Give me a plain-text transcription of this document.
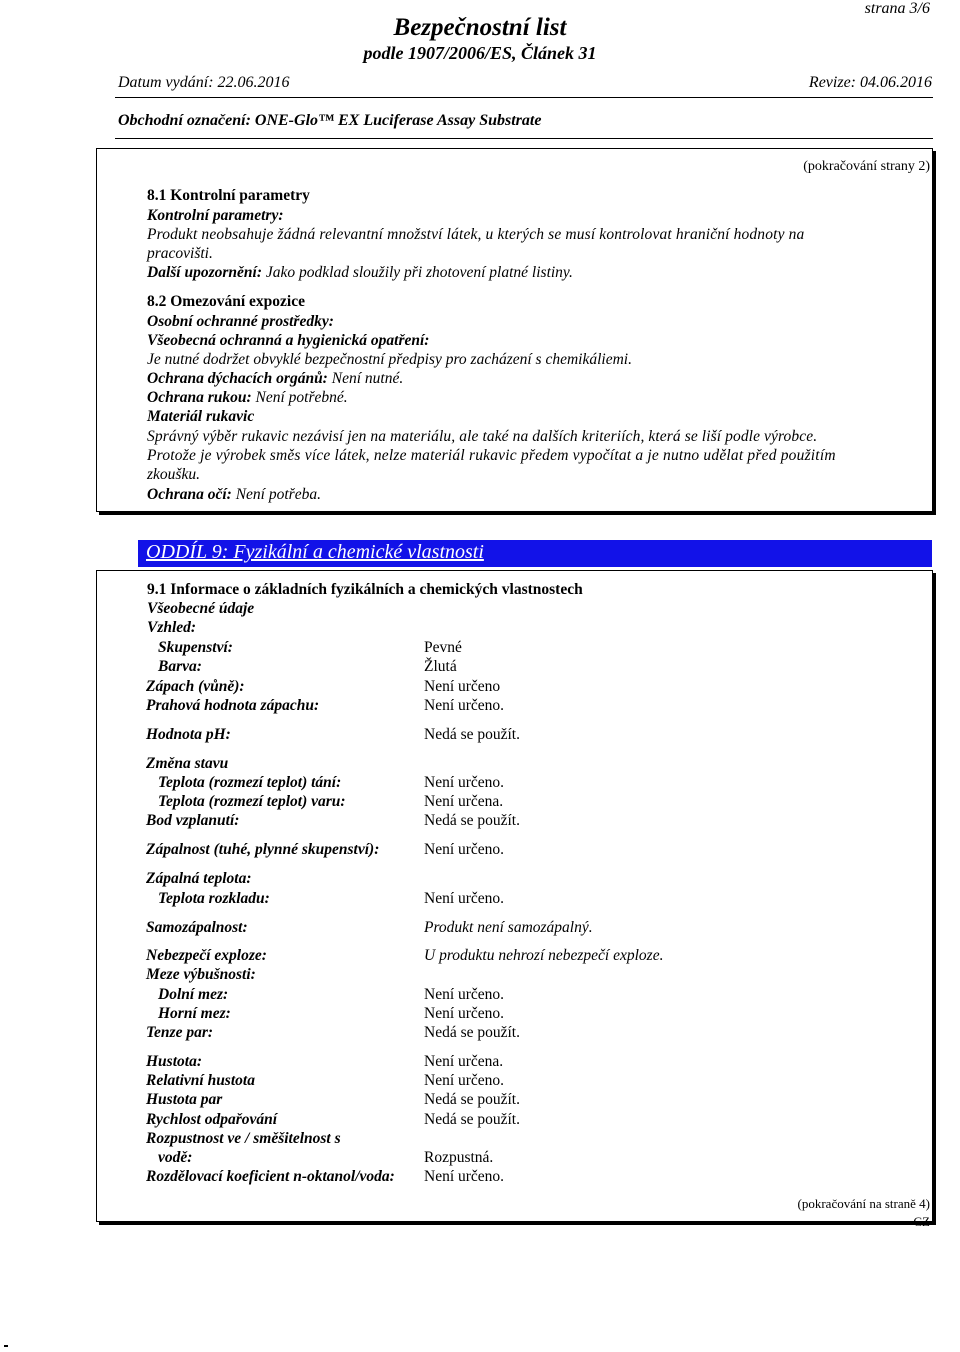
strana 3/6
Bezpečnostní list
podle 1907/2006/ES, Článek 31
Datum vydání: 22.06.2016	Revize: 04.06.2016
Obchodní označení: ONE-Glo™ EX Luciferase Assay Substrate
(pokračování strany 2)
8.1 Kontrolní parametry
Kontrolní parametry:
Produkt neobsahuje žádná relevantní množství látek, u kterých se musí kontrolovat hraniční hodnoty na
pracovišti.
Další upozornění: Jako podklad sloužily při zhotovení platné listiny.
8.2 Omezování expozice
Osobní ochranné prostředky:
Všeobecná ochranná a hygienická opatření:
Je nutné dodržet obvyklé bezpečnostní předpisy pro zacházení s chemikáliemi.
Ochrana dýchacích orgánů: Není nutné.
Ochrana rukou: Není potřebné.
Materiál rukavic
Správný výběr rukavic nezávisí jen na materiálu, ale také na dalších kriteriích, která se liší podle výrobce.
Protože je výrobek směs více látek, nelze materiál rukavic předem vypočítat a je nutno udělat před použitím
zkoušku.
Ochrana očí: Není potřeba.
ODDÍL 9: Fyzikální a chemické vlastnosti
9.1 Informace o základních fyzikálních a chemických vlastnostech
Všeobecné údaje
Vzhled:
Skupenství:	Pevné
Barva:	Žlutá
Zápach (vůně):	Není určeno
Prahová hodnota zápachu:	Není určeno.
Hodnota pH:	Nedá se použít.
Změna stavu
Teplota (rozmezí teplot) tání:	Není určeno.
Teplota (rozmezí teplot) varu:	Není určena.
Bod vzplanutí:	Nedá se použít.
Zápalnost (tuhé, plynné skupenství):	Není určeno.
Zápalná teplota:
Teplota rozkladu:	Není určeno.
Samozápalnost:	Produkt není samozápalný.
Nebezpečí exploze:	U produktu nehrozí nebezpečí exploze.
Meze výbušnosti:
Dolní mez:	Není určeno.
Horní mez:	Není určeno.
Tenze par:	Nedá se použít.
Hustota:	Není určena.
Relativní hustota	Není určeno.
Hustota par	Nedá se použít.
Rychlost odpařování	Nedá se použít.
Rozpustnost ve / směšitelnost s
vodě:	Rozpustná.
Rozdělovací koeficient n-oktanol/voda: Není určeno.
(pokračování na straně 4)
CZ
